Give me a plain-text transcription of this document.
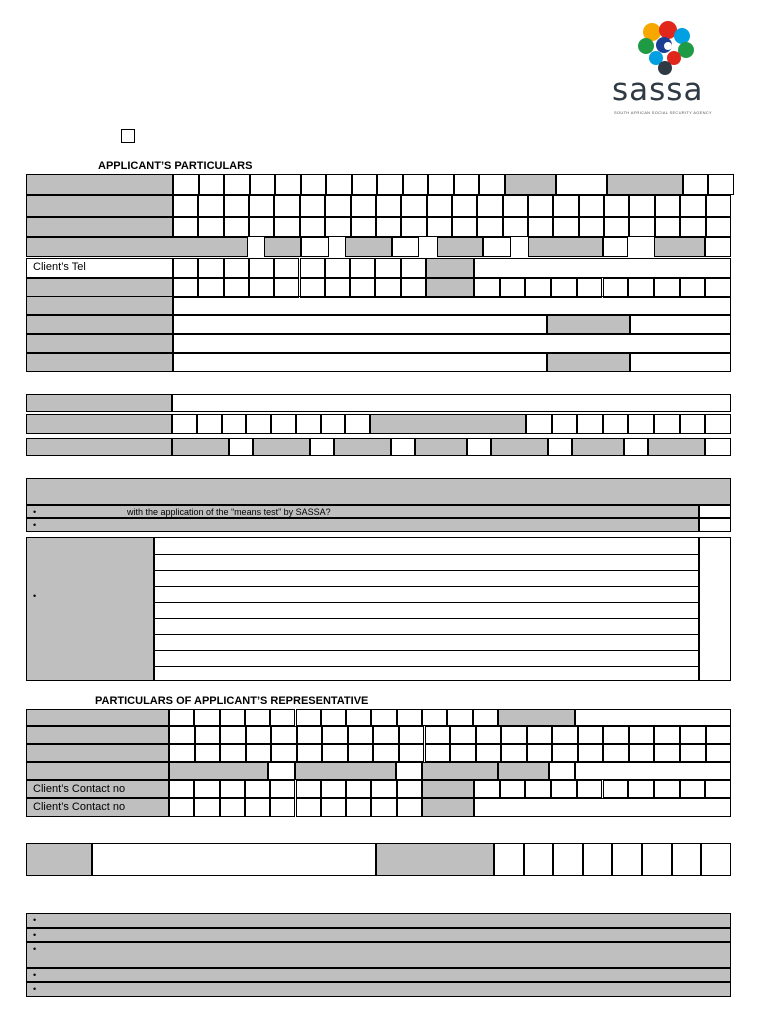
sassa
SOUTH AFRICAN SOCIAL SECURITY AGENCY
APPLICANT’S PARTICULARS
PARTICULARS OF APPLICANT’S REPRESENTATIVE
Client’s Tel
•	with the application of the “means test” by SASSA?
•
•
Client’s Contact no
Client’s Contact no
•
•
•
•
•
